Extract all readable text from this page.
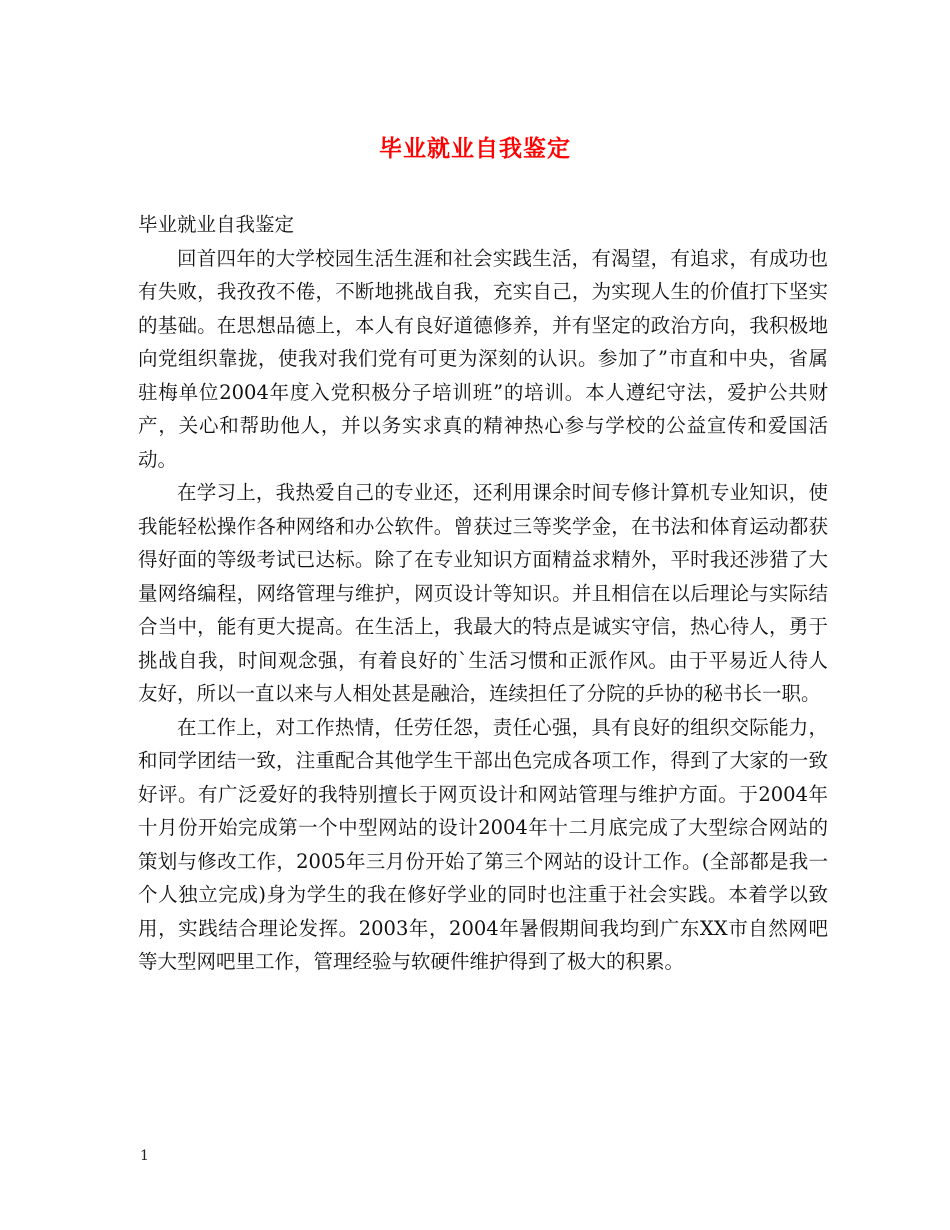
毕业就业自我鉴定

毕业就业自我鉴定

回首四年的大学校园生活生涯和社会实践生活，有渴望，有追求，有成功也有失败，我孜孜不倦，不断地挑战自我，充实自己，为实现人生的价值打下坚实的基础。在思想品德上，本人有良好道德修养，并有坚定的政治方向，我积极地向党组织靠拢，使我对我们党有可更为深刻的认识。参加了”市直和中央，省属驻梅单位2004年度入党积极分子培训班”的培训。本人遵纪守法，爱护公共财产，关心和帮助他人，并以务实求真的精神热心参与学校的公益宣传和爱国活动。

在学习上，我热爱自己的专业还，还利用课余时间专修计算机专业知识，使我能轻松操作各种网络和办公软件。曾获过三等奖学金，在书法和体育运动都获得好面的等级考试已达标。除了在专业知识方面精益求精外，平时我还涉猎了大量网络编程，网络管理与维护，网页设计等知识。并且相信在以后理论与实际结合当中，能有更大提高。在生活上，我最大的特点是诚实守信，热心待人，勇于挑战自我，时间观念强，有着良好的`生活习惯和正派作风。由于平易近人待人友好，所以一直以来与人相处甚是融洽，连续担任了分院的乒协的秘书长一职。

在工作上，对工作热情，任劳任怨，责任心强，具有良好的组织交际能力，和同学团结一致，注重配合其他学生干部出色完成各项工作，得到了大家的一致好评。有广泛爱好的我特别擅长于网页设计和网站管理与维护方面。于2004年十月份开始完成第一个中型网站的设计2004年十二月底完成了大型综合网站的策划与修改工作，2005年三月份开始了第三个网站的设计工作。(全部都是我一个人独立完成)身为学生的我在修好学业的同时也注重于社会实践。本着学以致用，实践结合理论发挥。2003年，2004年暑假期间我均到广东XX市自然网吧等大型网吧里工作，管理经验与软硬件维护得到了极大的积累。

1
